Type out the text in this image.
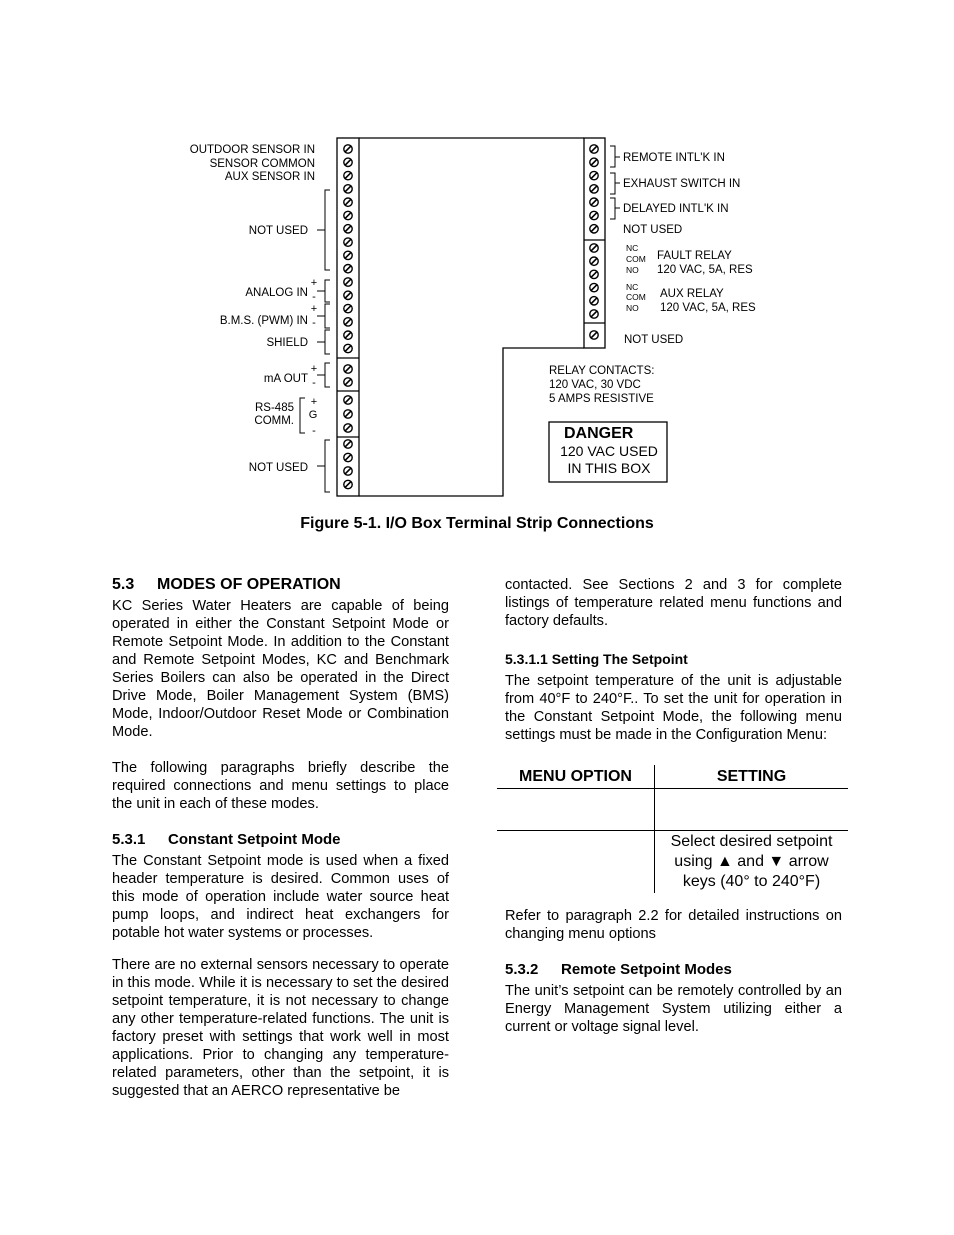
OUTDOOR SENSOR IN
SENSOR COMMON
AUX SENSOR IN
NOT USED
ANALOG IN
B.M.S. (PWM) IN
SHIELD
mA OUT
RS-485
COMM.
NOT USED
+
-
+
-
+
-
+
G
-
REMOTE INTL'K IN
EXHAUST SWITCH IN
DELAYED INTL'K IN
NOT USED
FAULT RELAY
120 VAC, 5A, RES
AUX RELAY
120 VAC, 5A, RES
NOT USED
NC
COM
NO
NC
COM
NO
RELAY CONTACTS:
120 VAC, 30 VDC
5 AMPS RESISTIVE
DANGER
120 VAC USED
IN THIS BOX
Figure 5-1. I/O Box Terminal Strip Connections
5.3 MODES OF OPERATION

KC Series Water Heaters are capable of being operated in either the Constant Setpoint Mode or Remote Setpoint Mode. In addition to the Constant and Remote Setpoint Modes, KC and Benchmark Series Boilers can also be operated in the Direct Drive Mode, Boiler Management System (BMS) Mode, Indoor/Outdoor Reset Mode or Combination Mode.

The following paragraphs briefly describe the required connections and menu settings to place the unit in each of these modes.

5.3.1 Constant Setpoint Mode

The Constant Setpoint mode is used when a fixed header temperature is desired. Common uses of this mode of operation include water source heat pump loops, and indirect heat exchangers for potable hot water systems or processes.

There are no external sensors necessary to operate in this mode. While it is necessary to set the desired setpoint temperature, it is not necessary to change any other temperature-related functions. The unit is factory preset with settings that work well in most applications. Prior to changing any temperature-related parameters, other than the setpoint, it is suggested that an AERCO representative be

contacted. See Sections 2 and 3 for complete listings of temperature related menu functions and factory defaults.

5.3.1.1 Setting The Setpoint

The setpoint temperature of the unit is adjustable from 40°F to 240°F.. To set the unit for operation in the Constant Setpoint Mode, the following menu settings must be made in the Configuration Menu:

MENU OPTION	SETTING

	Select desired setpoint using ▲ and ▼ arrow keys (40° to 240°F)

Refer to paragraph 2.2 for detailed instructions on changing menu options

5.3.2 Remote Setpoint Modes

The unit’s setpoint can be remotely controlled by an Energy Management System utilizing either a current or voltage signal level.
